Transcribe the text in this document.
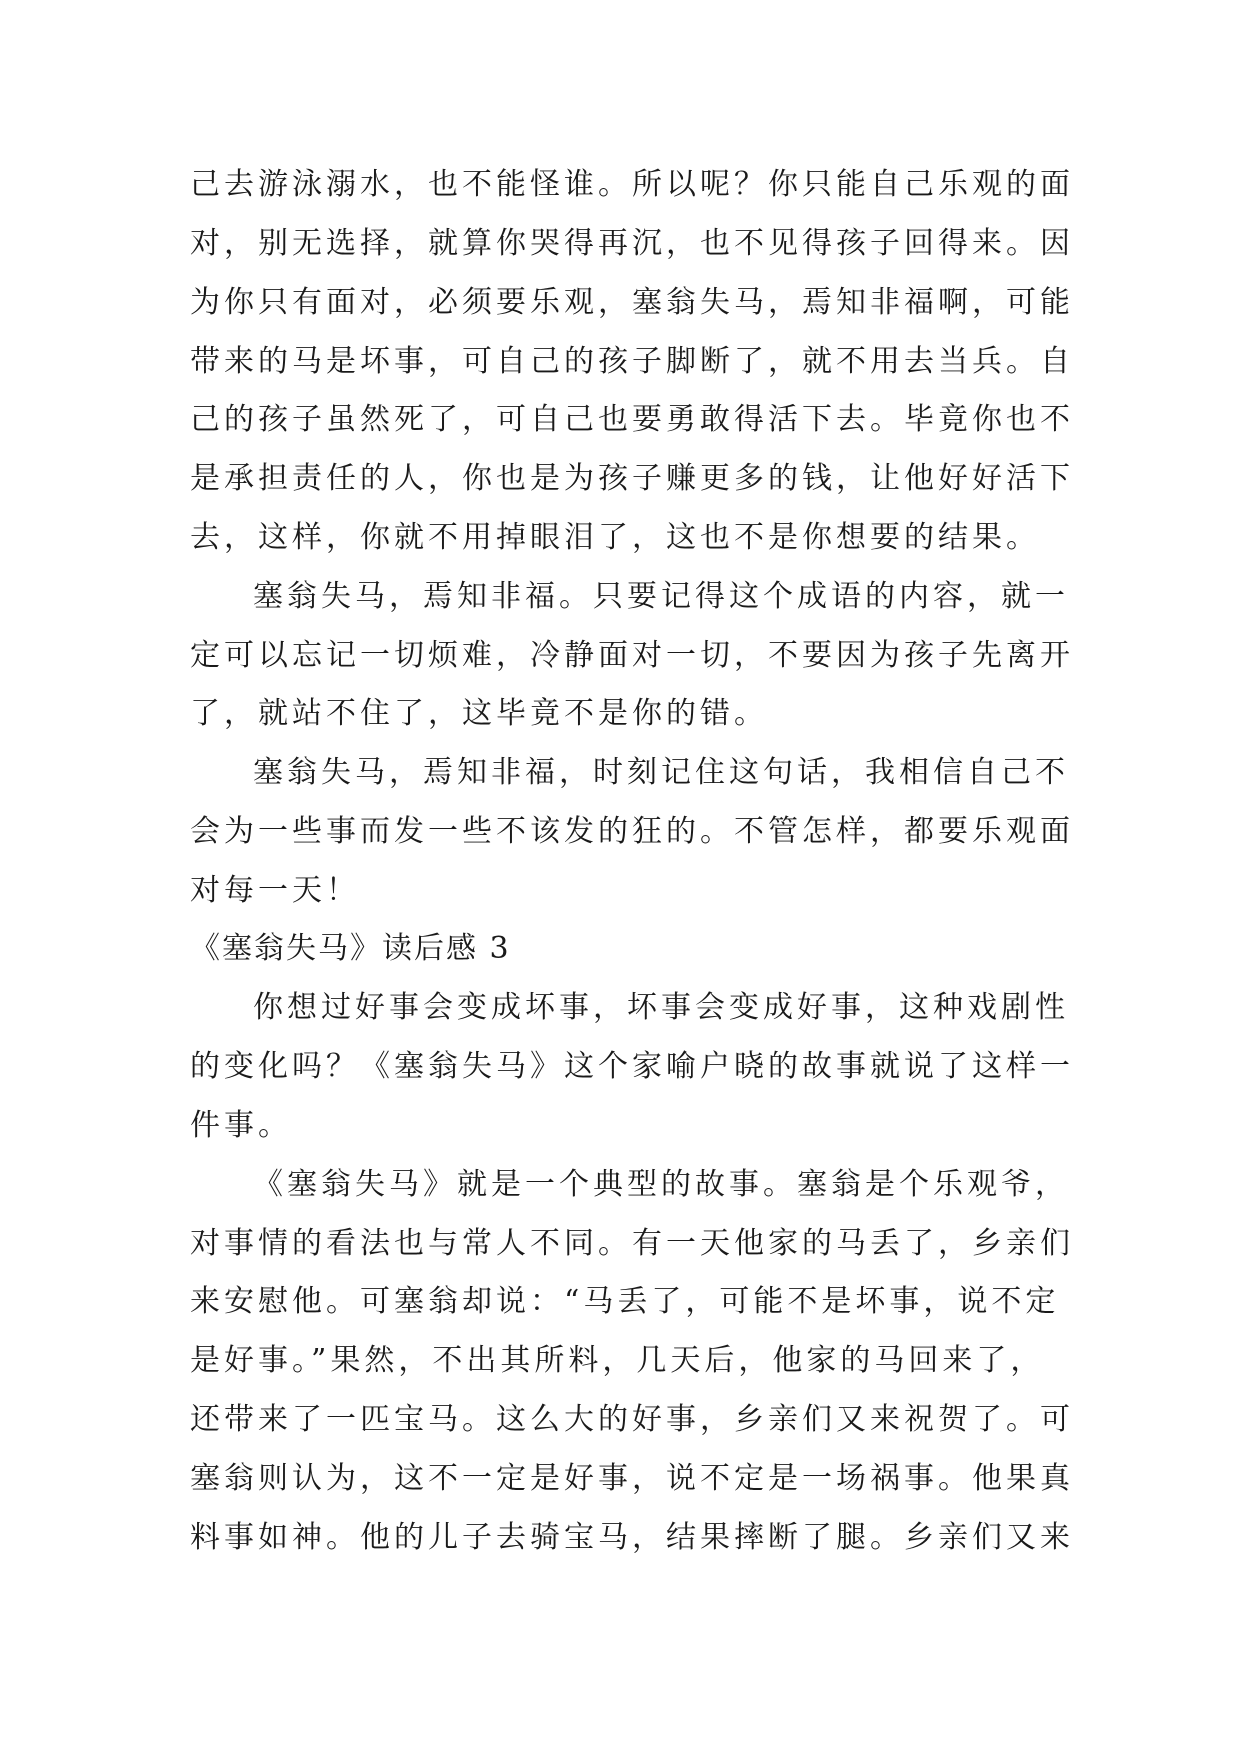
己去游泳溺水，也不能怪谁。所以呢？你只能自己乐观的面

对，别无选择，就算你哭得再沉，也不见得孩子回得来。因

为你只有面对，必须要乐观，塞翁失马，焉知非福啊，可能

带来的马是坏事，可自己的孩子脚断了，就不用去当兵。自

己的孩子虽然死了，可自己也要勇敢得活下去。毕竟你也不

是承担责任的人，你也是为孩子赚更多的钱，让他好好活下

去，这样，你就不用掉眼泪了，这也不是你想要的结果。

塞翁失马，焉知非福。只要记得这个成语的内容，就一

定可以忘记一切烦难，冷静面对一切，不要因为孩子先离开

了，就站不住了，这毕竟不是你的错。

塞翁失马，焉知非福，时刻记住这句话，我相信自己不

会为一些事而发一些不该发的狂的。不管怎样，都要乐观面

对每一天！

《塞翁失马》读后感 3

你想过好事会变成坏事，坏事会变成好事，这种戏剧性

的变化吗？《塞翁失马》这个家喻户晓的故事就说了这样一

件事。

《塞翁失马》就是一个典型的故事。塞翁是个乐观爷，

对事情的看法也与常人不同。有一天他家的马丢了，乡亲们

来安慰他。可塞翁却说：“马丢了，可能不是坏事，说不定

是好事。”果然，不出其所料，几天后，他家的马回来了，

还带来了一匹宝马。这么大的好事，乡亲们又来祝贺了。可

塞翁则认为，这不一定是好事，说不定是一场祸事。他果真

料事如神。他的儿子去骑宝马，结果摔断了腿。乡亲们又来
